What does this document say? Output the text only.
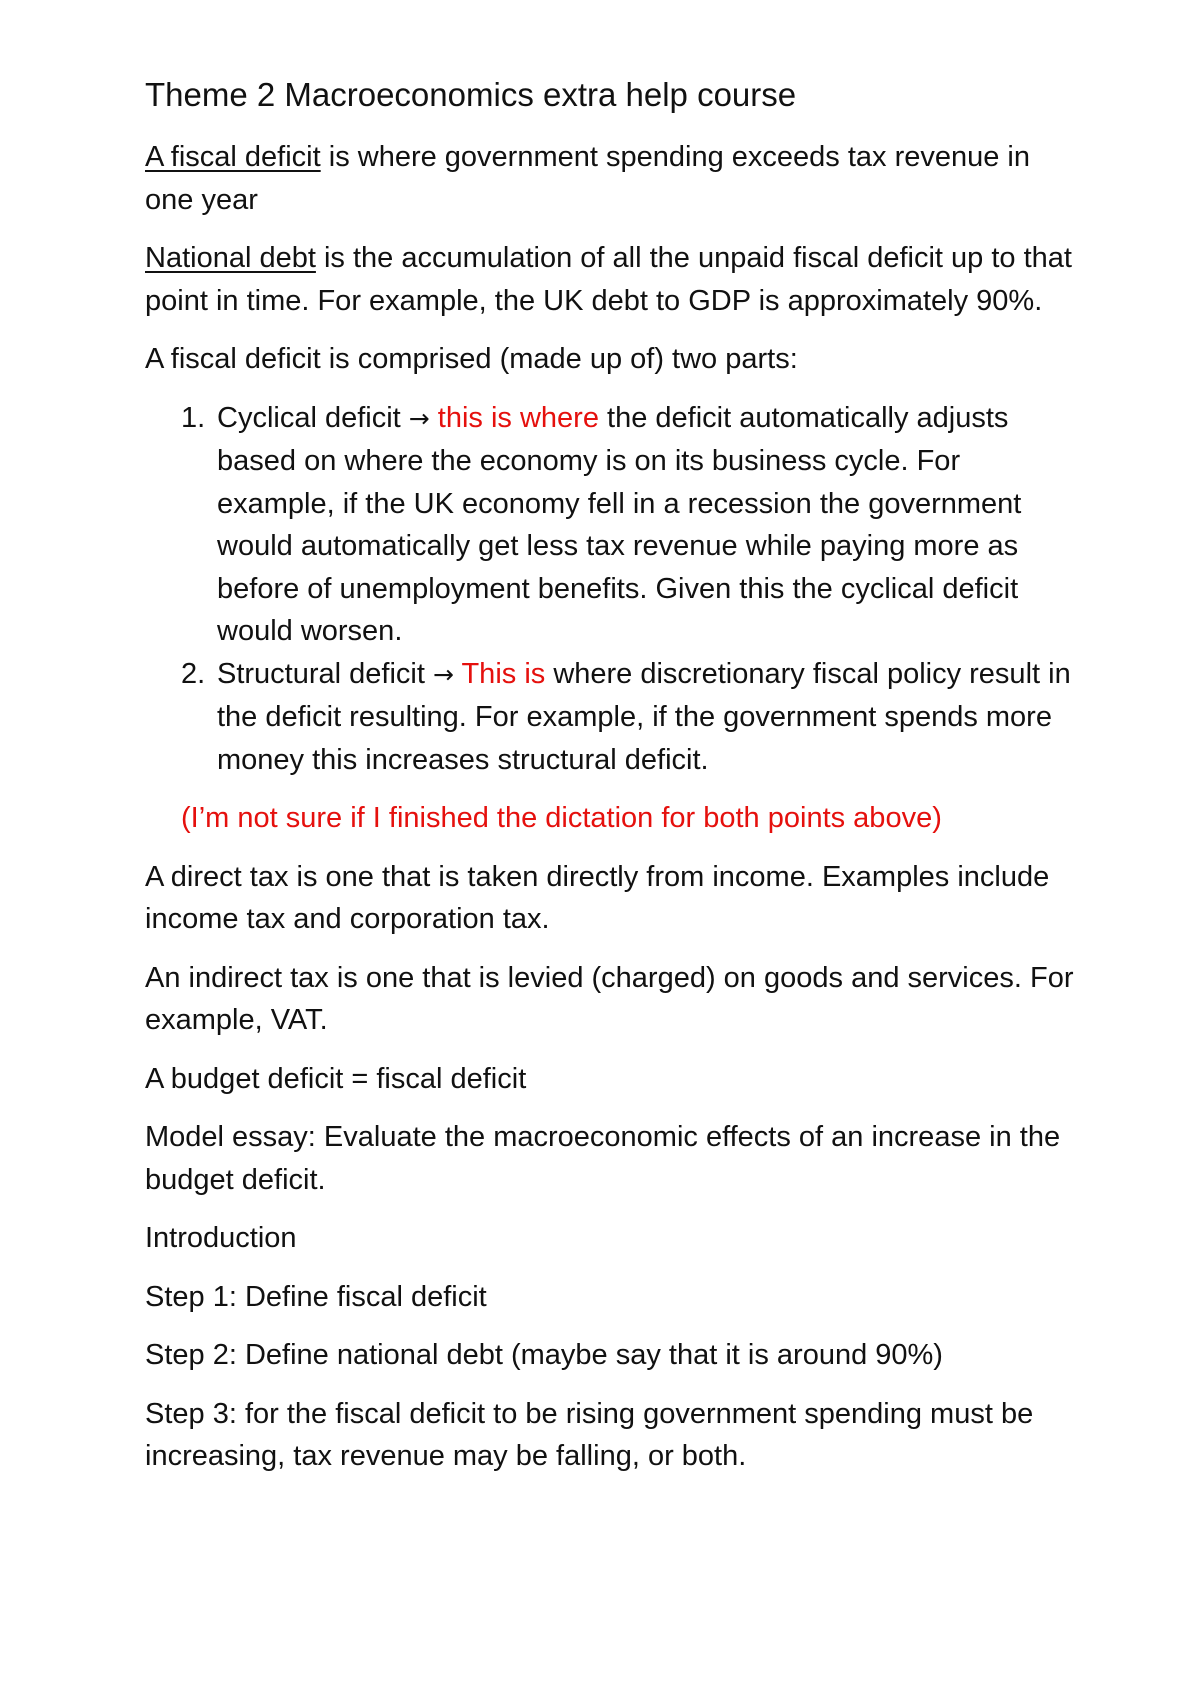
Theme 2 Macroeconomics extra help course

A fiscal deficit is where government spending exceeds tax revenue in one year

National debt is the accumulation of all the unpaid fiscal deficit up to that point in time. For example, the UK debt to GDP is approximately 90%.

A fiscal deficit is comprised (made up of) two parts:

1. Cyclical deficit → this is where the deficit automatically adjusts based on where the economy is on its business cycle. For example, if the UK economy fell in a recession the government would automatically get less tax revenue while paying more as before of unemployment benefits. Given this the cyclical deficit would worsen.
2. Structural deficit → This is where discretionary fiscal policy result in the deficit resulting. For example, if the government spends more money this increases structural deficit.

(I’m not sure if I finished the dictation for both points above)

A direct tax is one that is taken directly from income. Examples include income tax and corporation tax.

An indirect tax is one that is levied (charged) on goods and services. For example, VAT.

A budget deficit = fiscal deficit

Model essay: Evaluate the macroeconomic effects of an increase in the budget deficit.

Introduction

Step 1: Define fiscal deficit

Step 2: Define national debt (maybe say that it is around 90%)

Step 3: for the fiscal deficit to be rising government spending must be increasing, tax revenue may be falling, or both.
